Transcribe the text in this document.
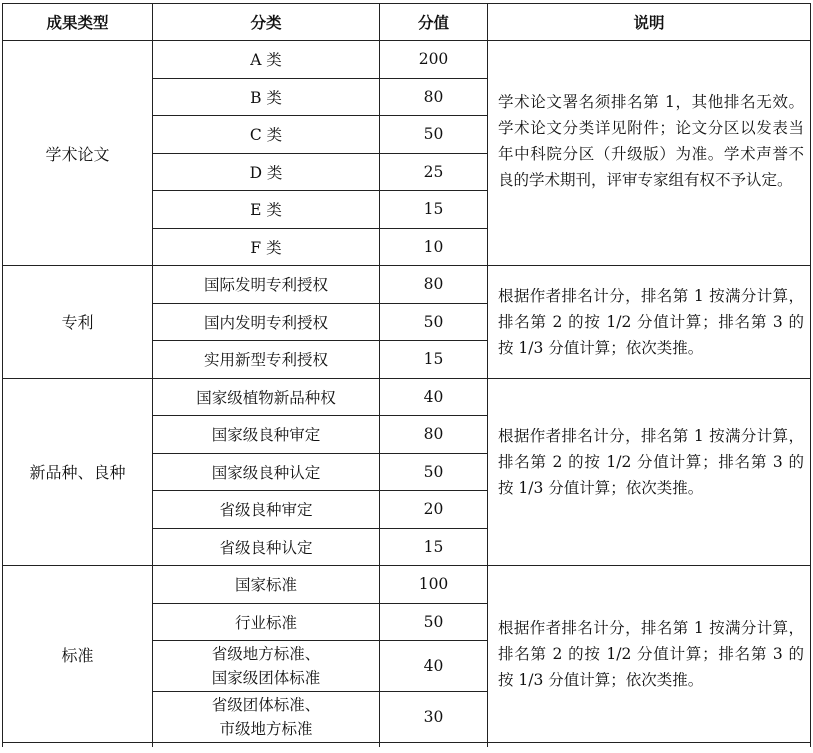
成果类型	分类	分值	说明
学术论文	A 类	200	学术论文署名须排名第 1，其他排名无效。学术论文分类详见附件；论文分区以发表当年中科院分区（升级版）为准。学术声誉不良的学术期刊，评审专家组有权不予认定。
	B 类	80	
	C 类	50	
	D 类	25	
	E 类	15	
	F 类	10	
专利	国际发明专利授权	80	根据作者排名计分，排名第 1 按满分计算，排名第 2 的按 1/2 分值计算；排名第 3 的按 1/3 分值计算；依次类推。
	国内发明专利授权	50	
	实用新型专利授权	15	
新品种、良种	国家级植物新品种权	40	根据作者排名计分，排名第 1 按满分计算，排名第 2 的按 1/2 分值计算；排名第 3 的按 1/3 分值计算；依次类推。
	国家级良种审定	80	
	国家级良种认定	50	
	省级良种审定	20	
	省级良种认定	15	
标准	国家标准	100	根据作者排名计分，排名第 1 按满分计算，排名第 2 的按 1/2 分值计算；排名第 3 的按 1/3 分值计算；依次类推。
	行业标准	50	
	省级地方标准、
国家级团体标准	40	
	省级团体标准、
市级地方标准	30	
